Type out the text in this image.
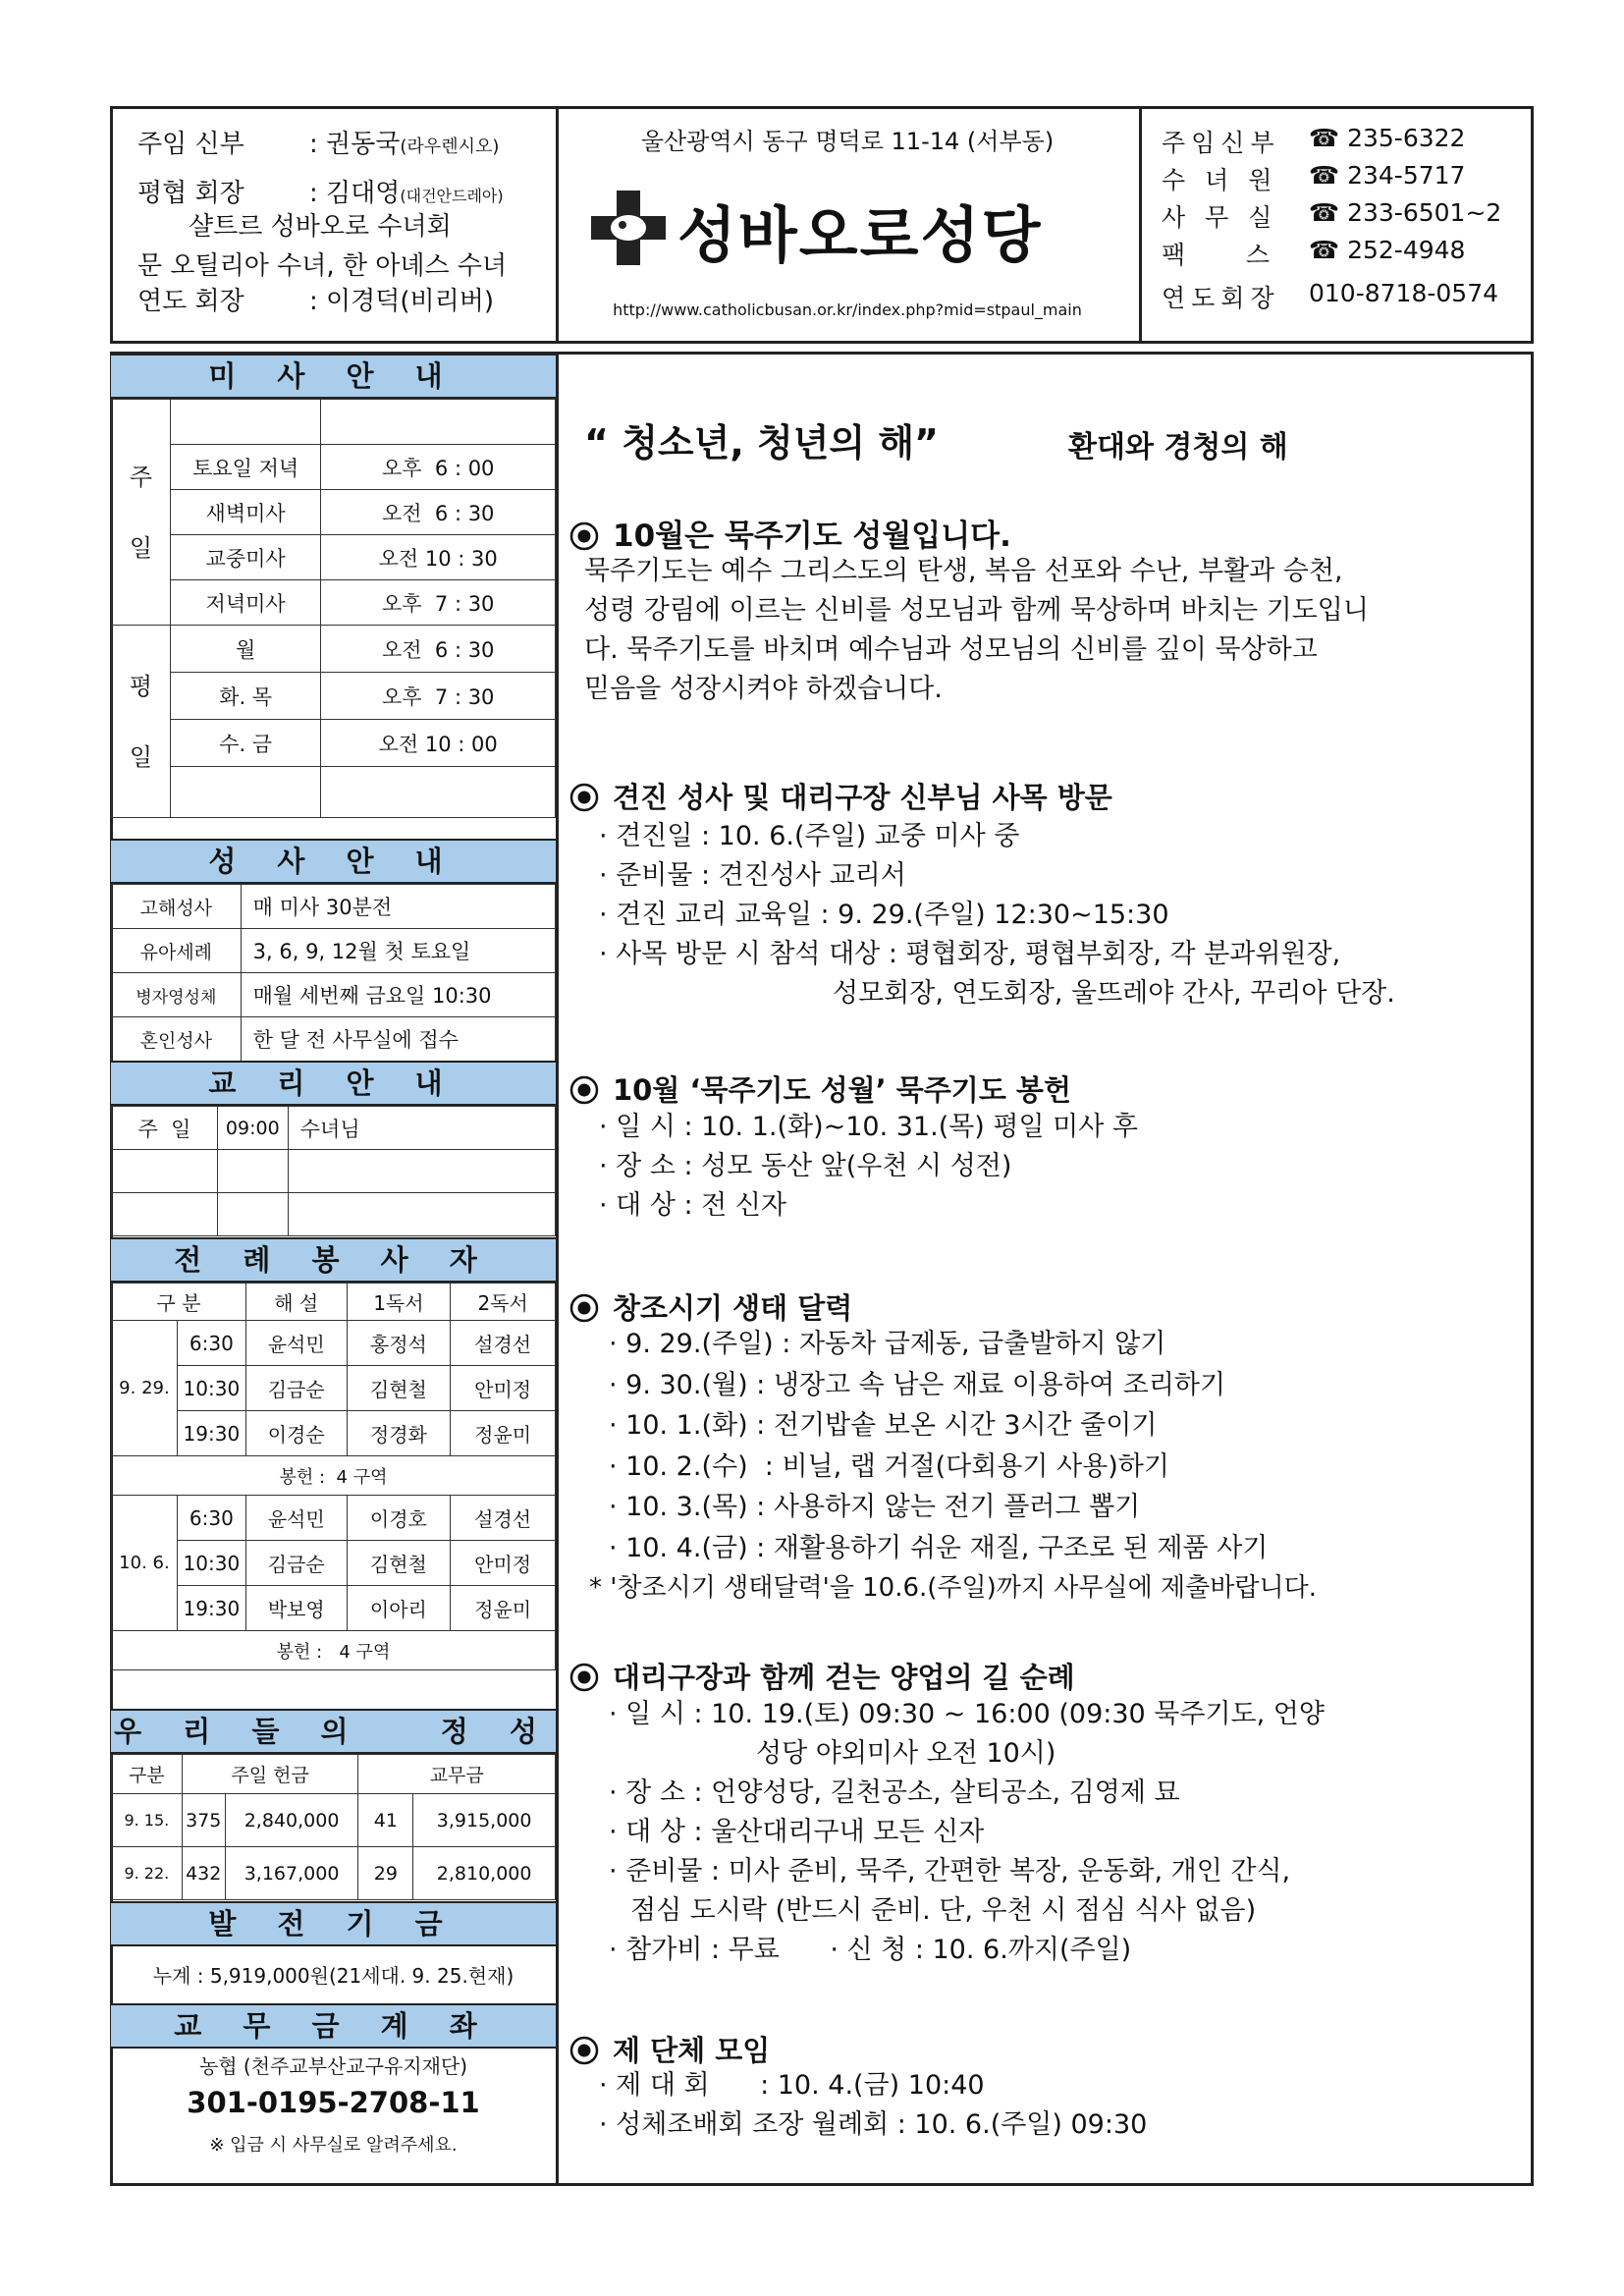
주임 신부	: 권동국(라우렌시오)
평협 회장	: 김대영(대건안드레아)
샬트르 성바오로 수녀회
문 오틸리아 수녀, 한 아녜스 수녀
연도 회장	: 이경덕(비리버)
울산광역시 동구 명덕로 11-14 (서부동)
성바오로성당
http://www.catholicbusan.or.kr/index.php?mid=stpaul_main
주임신부 ☎ 235-6322
수 녀 원 ☎ 234-5717
사 무 실 ☎ 233-6501~2
팩    스 ☎ 252-4948
연도회장 010-8718-0574
미 사 안 내
주
일		
	토요일 저녁	오후  6 : 00
	새벽미사	오전  6 : 30
	교중미사	오전 10 : 30
	저녁미사	오후  7 : 30
평
일	월	오전  6 : 30
	화. 목	오후  7 : 30
	수. 금	오전 10 : 00

성 사 안 내
고해성사	매 미사 30분전
유아세례	3, 6, 9, 12월 첫 토요일
병자영성체	매월 세번째 금요일 10:30
혼인성사	한 달 전 사무실에 접수
교 리 안 내
주  일	09:00	수녀님

전 례 봉 사 자
구 분		해 설	1독서	2독서
9. 29.	6:30	윤석민	홍정석	설경선
	10:30	김금순	김현철	안미정
	19:30	이경순	정경화	정윤미
봉헌 :  4 구역				
10. 6.	6:30	윤석민	이경호	설경선
	10:30	김금순	김현철	안미정
	19:30	박보영	이아리	정윤미
봉헌 :   4 구역				
우 리 들 의   정 성
구분	주일 헌금		교무금	
9. 15.	375	2,840,000	41	3,915,000
9. 22.	432	3,167,000	29	2,810,000
발 전 기 금
누계 : 5,919,000원(21세대. 9. 25.현재)
교 무 금 계 좌
농협 (천주교부산교구유지재단)
301-0195-2708-11
※ 입금 시 사무실로 알려주세요.
“ 청소년, 청년의 해”	환대와 경청의 해
10월은 묵주기도 성월입니다.
묵주기도는 예수 그리스도의 탄생, 복음 선포와 수난, 부활과 승천,
성령 강림에 이르는 신비를 성모님과 함께 묵상하며 바치는 기도입니
다. 묵주기도를 바치며 예수님과 성모님의 신비를 깊이 묵상하고
믿음을 성장시켜야 하겠습니다.
견진 성사 및 대리구장 신부님 사목 방문
· 견진일 : 10. 6.(주일) 교중 미사 중
· 준비물 : 견진성사 교리서
· 견진 교리 교육일 : 9. 29.(주일) 12:30~15:30
· 사목 방문 시 참석 대상 : 평협회장, 평협부회장, 각 분과위원장,
성모회장, 연도회장, 울뜨레야 간사, 꾸리아 단장.
10월 ‘묵주기도 성월’ 묵주기도 봉헌
· 일 시 : 10. 1.(화)~10. 31.(목) 평일 미사 후
· 장 소 : 성모 동산 앞(우천 시 성전)
· 대 상 : 전 신자
창조시기 생태 달력
· 9. 29.(주일) : 자동차 급제동, 급출발하지 않기
· 9. 30.(월) : 냉장고 속 남은 재료 이용하여 조리하기
· 10. 1.(화) : 전기밥솥 보온 시간 3시간 줄이기
· 10. 2.(수)  : 비닐, 랩 거절(다회용기 사용)하기
· 10. 3.(목) : 사용하지 않는 전기 플러그 뽑기
· 10. 4.(금) : 재활용하기 쉬운 재질, 구조로 된 제품 사기
* '창조시기 생태달력'을 10.6.(주일)까지 사무실에 제출바랍니다.
대리구장과 함께 걷는 양업의 길 순례
· 일 시 : 10. 19.(토) 09:30 ~ 16:00 (09:30 묵주기도, 언양
성당 야외미사 오전 10시)
· 장 소 : 언양성당, 길천공소, 살티공소, 김영제 묘
· 대 상 : 울산대리구내 모든 신자
· 준비물 : 미사 준비, 묵주, 간편한 복장, 운동화, 개인 간식,
점심 도시락 (반드시 준비. 단, 우천 시 점심 식사 없음)
· 참가비 : 무료      · 신 청 : 10. 6.까지(주일)
제 단체 모임
· 제 대 회      : 10. 4.(금) 10:40
· 성체조배회 조장 월례회 : 10. 6.(주일) 09:30
